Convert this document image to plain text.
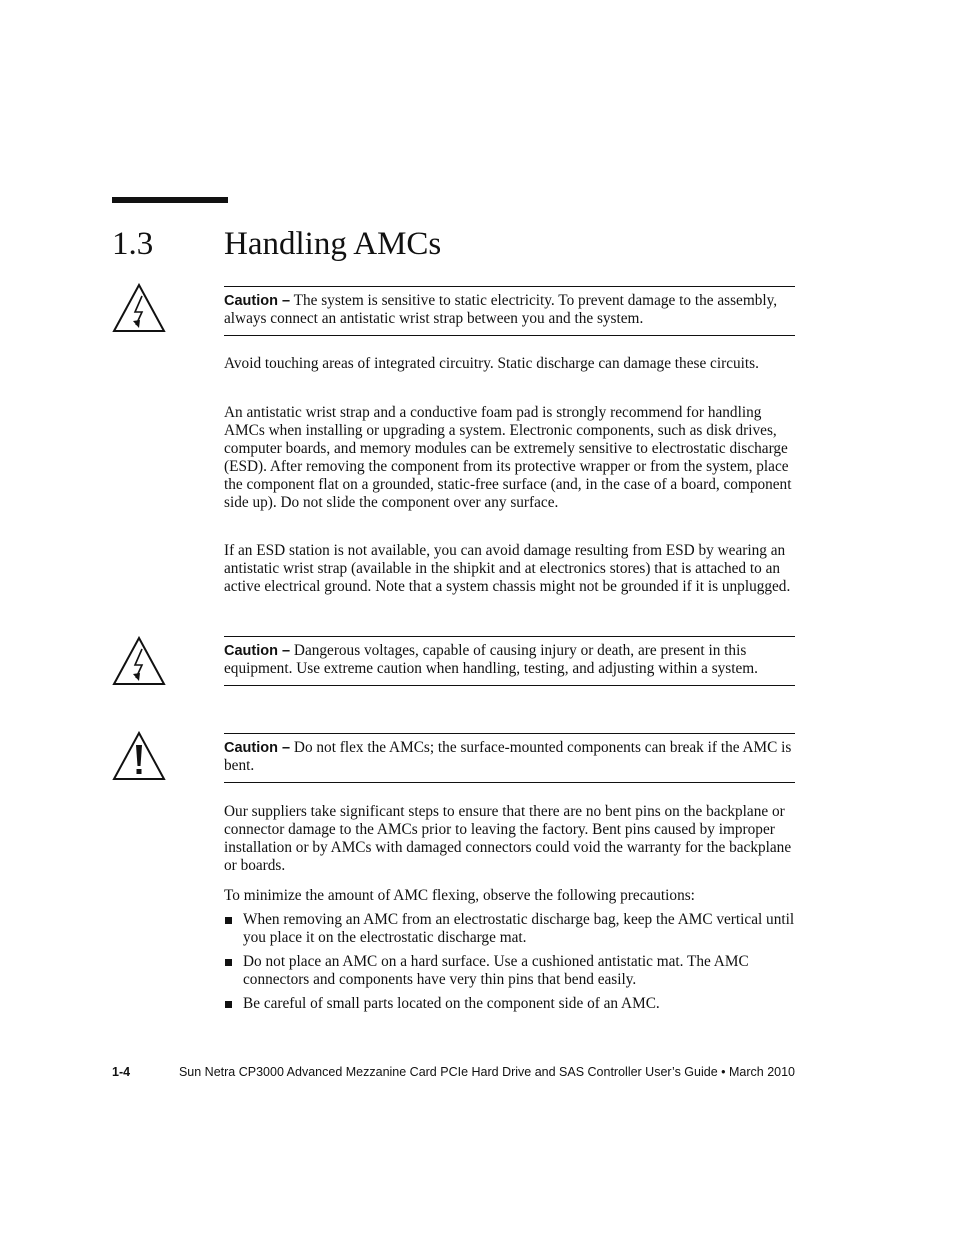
1.3 Handling AMCs
Caution – The system is sensitive to static electricity. To prevent damage to the assembly, always connect an antistatic wrist strap between you and the system.

Avoid touching areas of integrated circuitry. Static discharge can damage these circuits.

An antistatic wrist strap and a conductive foam pad is strongly recommend for handling AMCs when installing or upgrading a system. Electronic components, such as disk drives, computer boards, and memory modules can be extremely sensitive to electrostatic discharge (ESD). After removing the component from its protective wrapper or from the system, place the component flat on a grounded, static-free surface (and, in the case of a board, component side up). Do not slide the component over any surface.

If an ESD station is not available, you can avoid damage resulting from ESD by wearing an antistatic wrist strap (available in the shipkit and at electronics stores) that is attached to an active electrical ground. Note that a system chassis might not be grounded if it is unplugged.

Caution – Dangerous voltages, capable of causing injury or death, are present in this equipment. Use extreme caution when handling, testing, and adjusting within a system.
Caution – Do not flex the AMCs; the surface-mounted components can break if the AMC is bent.

Our suppliers take significant steps to ensure that there are no bent pins on the backplane or connector damage to the AMCs prior to leaving the factory. Bent pins caused by improper installation or by AMCs with damaged connectors could void the warranty for the backplane or boards.

To minimize the amount of AMC flexing, observe the following precautions:

When removing an AMC from an electrostatic discharge bag, keep the AMC vertical until you place it on the electrostatic discharge mat.
Do not place an AMC on a hard surface. Use a cushioned antistatic mat. The AMC connectors and components have very thin pins that bend easily.
Be careful of small parts located on the component side of an AMC.
1-4	Sun Netra CP3000 Advanced Mezzanine Card PCIe Hard Drive and SAS Controller User’s Guide • March 2010
